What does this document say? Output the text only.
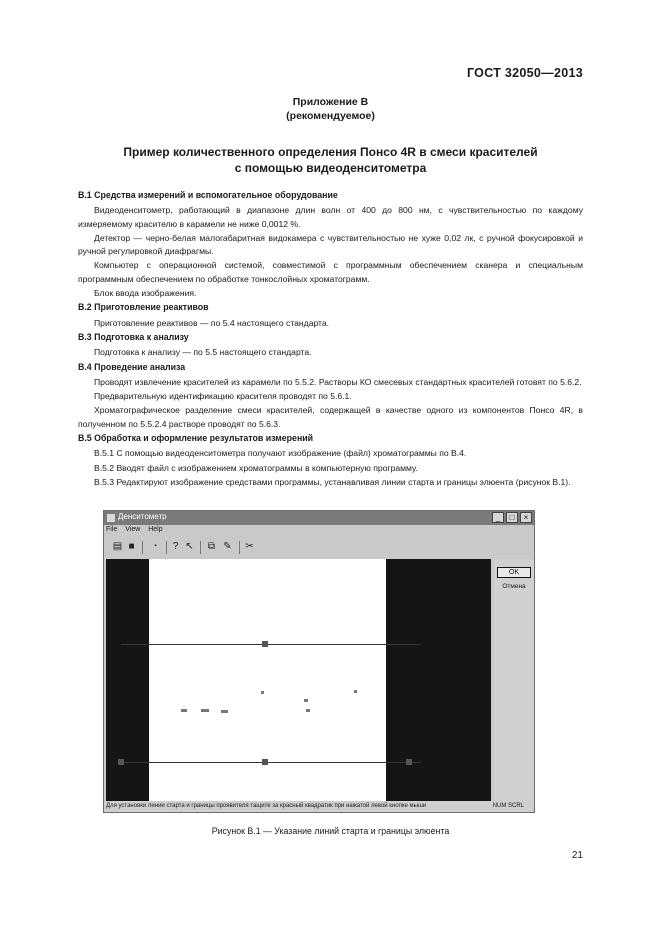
ГОСТ 32050—2013
Приложение В
(рекомендуемое)
Пример количественного определения Понсо 4R в смеси красителей
с помощью видеоденситометра
В.1 Средства измерений и вспомогательное оборудование

Видеоденситометр, работающий в диапазоне длин волн от 400 до 800 нм, с чувствительностью по каждому измеряемому красителю в карамели не ниже 0,0012 %.

Детектор — черно-белая малогабаритная видокамера с чувствительностью не хуже 0,02 лк, с ручной фокусировкой и ручной регулировкой диафрагмы.

Компьютер с операционной системой, совместимой с программным обеспечением сканера и специальным программным обеспечением по обработке тонкослойных хроматограмм.

Блок ввода изображения.

В.2 Приготовление реактивов

Приготовление реактивов — по 5.4 настоящего стандарта.

В.3 Подготовка к анализу

Подготовка к анализу — по 5.5 настоящего стандарта.

В.4 Проведение анализа

Проводят извлечение красителей из карамели по 5.5.2. Растворы КО смесевых стандартных красителей готовят по 5.6.2.

Предварительную идентификацию красителя проводят по 5.6.1.

Хроматографическое разделение смеси красителей, содержащей в качестве одного из компонентов Понсо 4R, в полученном по 5.5.2.4 растворе проводят по 5.6.3.

В.5 Обработка и оформление результатов измерений

В.5.1 С помощью видеоденситометра получают изображение (файл) хроматограммы по В.4.

В.5.2 Вводят файл с изображением хроматограммы в компьютерную программу.

В.5.3 Редактируют изображение средствами программы, устанавливая линии старта и границы элюента (рисунок В.1).

Денситометр	_	□	×
File View Help
▤ ■	▪	? ↖ ⧉ ✎ ✂
OK
Отмена
Для установки линии старта и границы проявителя тащите за красный квадратик при нажатой левой кнопке мыши	NUM SCRL
Рисунок В.1 — Указание линий старта и границы элюента
21
